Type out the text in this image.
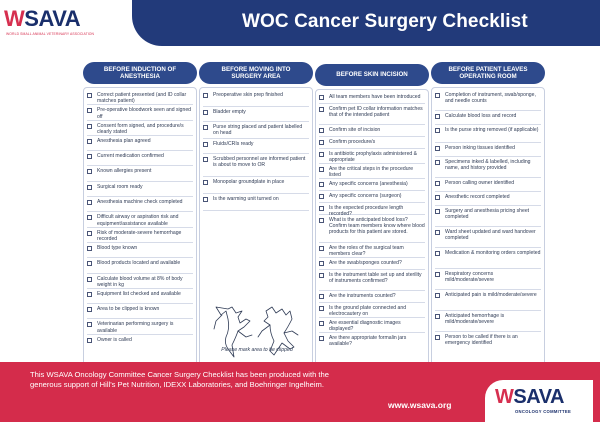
WSAVA
WORLD SMALL ANIMAL VETERINARY ASSOCIATION
WOC Cancer Surgery Checklist
BEFORE INDUCTION OF ANESTHESIA
Correct patient presented (and ID collar matches patient)
Pre-operative bloodwork seen and signed off
Consent form signed, and procedure/s clearly stated
Anesthesia plan agreed
Current medication confirmed
Known allergies present
Surgical room ready
Anesthesia machine check completed
Difficult airway or aspiration risk and equipment/assistance available
Risk of moderate-severe hemorrhage recorded
Blood type known
Blood products located and available
Calculate blood volume at 8% of body weight in kg
Equipment list checked and available
Area to be clipped is known
Veterinarian performing surgery is available
Owner is called
BEFORE MOVING INTO SURGERY AREA
Preoperative skin prep finished
Bladder empty
Purse string placed and patient labelled on head
Fluids/CRIs ready
Scrubbed personnel are informed patient is about to move to OR
Monopolar groundplate in place
Is the warming unit turned on
Please mark area to be clipped
BEFORE SKIN INCISION
All team members have been introduced
Confirm pet ID collar information matches that of the intended patient
Confirm site of incision
Confirm procedure/s
Is antibiotic prophylaxis administered & appropriate
Are the critical steps in the procedure listed
Any specific concerns (anesthesia)
Any specific concerns (surgeon)
Is the expected procedure length recorded?
What is the anticipated blood loss? Confirm team members know where blood products for this patient are stored.
Are the roles of the surgical team members clear?
Are the swab/sponges counted?
Is the instrument table set up and sterility of instruments confirmed?
Are the instruments counted?
Is the ground plate connected and electrocautery on
Are essential diagnostic images displayed?
Are there appropriate formalin jars available?
BEFORE PATIENT LEAVES OPERATING ROOM
Completion of instrument, swab/sponge, and needle counts
Calculate blood loss and record
Is the purse string removed (if applicable)
Person inking tissues identified
Specimens inked & labelled, including name, and history provided
Person calling owner identified
Anesthetic record completed
Surgery and anesthesia pricing sheet completed
Ward sheet updated and ward handover completed
Medication & monitoring orders completed
Respiratory concerns mild/moderate/severe
Anticipated pain is mild/moderate/severe
Anticipated hemorrhage is mild/moderate/severe
Person to be called if there is an emergency identified
This WSAVA Oncology Committee Cancer Surgery Checklist has been produced with the generous support of Hill's Pet Nutrition, IDEXX Laboratories, and Boehringer Ingelheim.
www.wsava.org WSAVA
ONCOLOGY COMMITTEE
